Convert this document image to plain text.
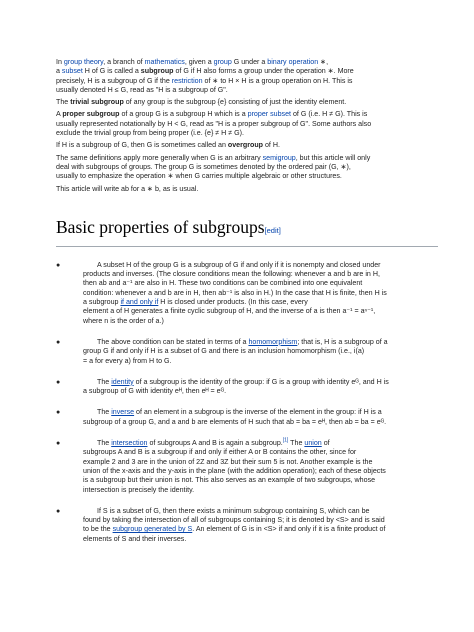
In group theory, a branch of mathematics, given a group G under a binary operation ∗,
a subset H of G is called a subgroup of G if H also forms a group under the operation ∗. More
precisely, H is a subgroup of G if the restriction of ∗ to H × H is a group operation on H. This is
usually denoted H ≤ G, read as "H is a subgroup of G".
The trivial subgroup of any group is the subgroup {e} consisting of just the identity element.
A proper subgroup of a group G is a subgroup H which is a proper subset of G (i.e. H ≠ G). This is
usually represented notationally by H < G, read as "H is a proper subgroup of G". Some authors also
exclude the trivial group from being proper (i.e. {e} ≠ H ≠ G).
If H is a subgroup of G, then G is sometimes called an overgroup of H.
The same definitions apply more generally when G is an arbitrary semigroup, but this article will only
deal with subgroups of groups. The group G is sometimes denoted by the ordered pair (G, ∗),
usually to emphasize the operation ∗ when G carries multiple algebraic or other structures.
This article will write ab for a ∗ b, as is usual.
Basic properties of subgroups[edit]
●	A subset H of the group G is a subgroup of G if and only if it is nonempty and closed under
products and inverses. (The closure conditions mean the following: whenever a and b are in H,
then ab and a⁻¹ are also in H. These two conditions can be combined into one equivalent
condition: whenever a and b are in H, then ab⁻¹ is also in H.) In the case that H is finite, then H is
a subgroup if and only if H is closed under products. (In this case, every
element a of H generates a finite cyclic subgroup of H, and the inverse of a is then a⁻¹ = aⁿ⁻¹,
where n is the order of a.)
●	The above condition can be stated in terms of a homomorphism; that is, H is a subgroup of a
group G if and only if H is a subset of G and there is an inclusion homomorphism (i.e., i(a)
= a for every a) from H to G.
●	The identity of a subgroup is the identity of the group: if G is a group with identity eᴳ, and H is
a subgroup of G with identity eᴴ, then eᴴ = eᴳ.
●	The inverse of an element in a subgroup is the inverse of the element in the group: if H is a
subgroup of a group G, and a and b are elements of H such that ab = ba = eᴴ, then ab = ba = eᴳ.
●	The intersection of subgroups A and B is again a subgroup.[1] The union of
subgroups A and B is a subgroup if and only if either A or B contains the other, since for
example 2 and 3 are in the union of 2Z and 3Z but their sum 5 is not. Another example is the
union of the x-axis and the y-axis in the plane (with the addition operation); each of these objects
is a subgroup but their union is not. This also serves as an example of two subgroups, whose
intersection is precisely the identity.
●	If S is a subset of G, then there exists a minimum subgroup containing S, which can be
found by taking the intersection of all of subgroups containing S; it is denoted by <S> and is said
to be the subgroup generated by S. An element of G is in <S> if and only if it is a finite product of
elements of S and their inverses.
